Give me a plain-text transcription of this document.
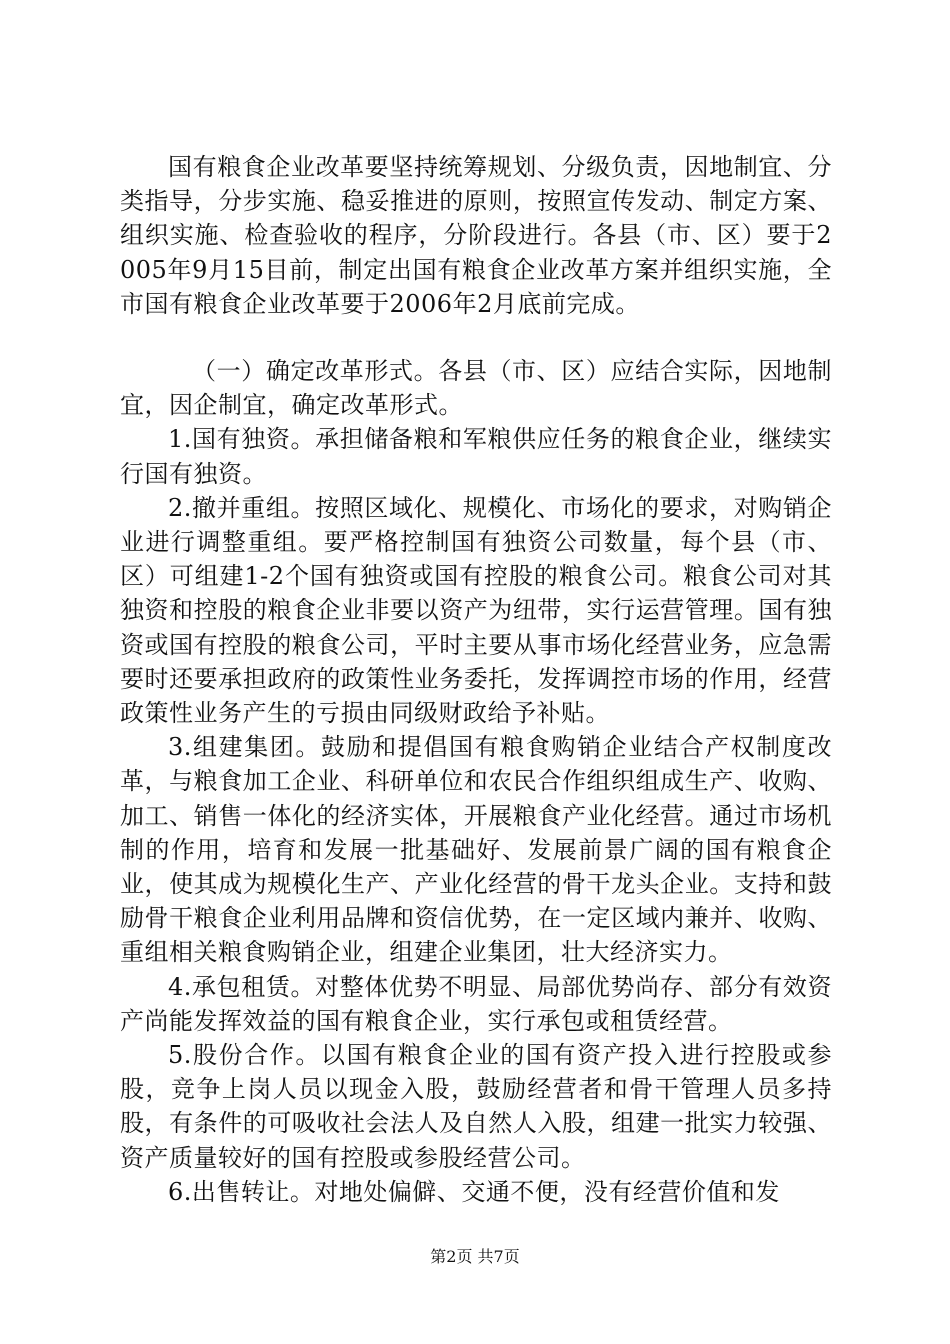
国有粮食企业改革要坚持统筹规划、分级负责，因地制宜、分类指导，分步实施、稳妥推进的原则，按照宣传发动、制定方案、组织实施、检查验收的程序，分阶段进行。各县（市、区）要于2005年9月15目前，制定出国有粮食企业改革方案并组织实施，全市国有粮食企业改革要于2006年2月底前完成。

（一）确定改革形式。各县（市、区）应结合实际，因地制宜，因企制宜，确定改革形式。

1.国有独资。承担储备粮和军粮供应任务的粮食企业，继续实行国有独资。

2.撤并重组。按照区域化、规模化、市场化的要求，对购销企业进行调整重组。要严格控制国有独资公司数量，每个县（市、区）可组建1-2个国有独资或国有控股的粮食公司。粮食公司对其独资和控股的粮食企业非要以资产为纽带，实行运营管理。国有独资或国有控股的粮食公司，平时主要从事市场化经营业务，应急需要时还要承担政府的政策性业务委托，发挥调控市场的作用，经营政策性业务产生的亏损由同级财政给予补贴。

3.组建集团。鼓励和提倡国有粮食购销企业结合产权制度改革，与粮食加工企业、科研单位和农民合作组织组成生产、收购、加工、销售一体化的经济实体，开展粮食产业化经营。通过市场机制的作用，培育和发展一批基础好、发展前景广阔的国有粮食企业，使其成为规模化生产、产业化经营的骨干龙头企业。支持和鼓励骨干粮食企业利用品牌和资信优势，在一定区域内兼并、收购、重组相关粮食购销企业，组建企业集团，壮大经济实力。

4.承包租赁。对整体优势不明显、局部优势尚存、部分有效资产尚能发挥效益的国有粮食企业，实行承包或租赁经营。

5.股份合作。以国有粮食企业的国有资产投入进行控股或参股，竞争上岗人员以现金入股，鼓励经营者和骨干管理人员多持股，有条件的可吸收社会法人及自然人入股，组建一批实力较强、资产质量较好的国有控股或参股经营公司。

6.出售转让。对地处偏僻、交通不便，没有经营价值和发

第2页 共7页
